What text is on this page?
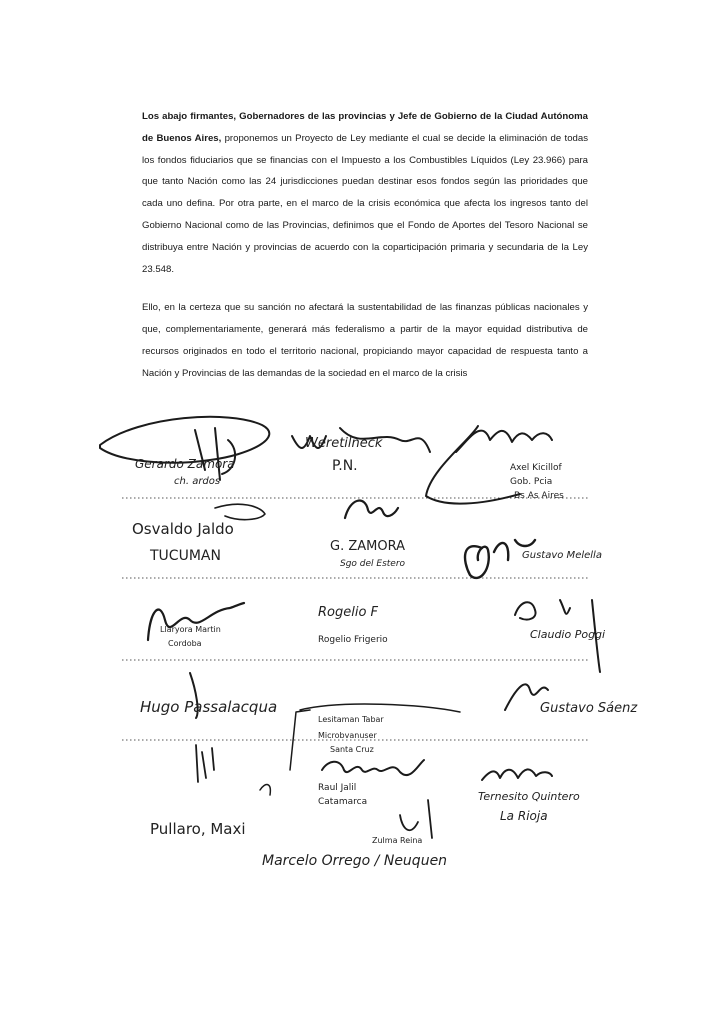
Los abajo firmantes, Gobernadores de las provincias y Jefe de Gobierno de la Ciudad Autónoma de Buenos Aires, proponemos un Proyecto de Ley mediante el cual se decide la eliminación de todas los fondos fiduciarios que se financias con el Impuesto a los Combustibles Líquidos (Ley 23.966) para que tanto Nación como las 24 jurisdicciones puedan destinar esos fondos según las prioridades que cada uno defina. Por otra parte, en el marco de la crisis económica que afecta los ingresos tanto del Gobierno Nacional como de las Provincias, definimos que el Fondo de Aportes del Tesoro Nacional se distribuya entre Nación y provincias de acuerdo con la coparticipación primaria y secundaria de la Ley 23.548.

Ello, en la certeza que su sanción no afectará la sustentabilidad de las finanzas públicas nacionales y que, complementariamente, generará más federalismo a partir de la mayor equidad distributiva de recursos originados en todo el territorio nacional, propiciando mayor capacidad de respuesta tanto a Nación y Provincias de las demandas de la sociedad en el marco de la crisis

Gerardo Zamora
ch. ardos
Weretilneck
P.N.	Axel Kicillof
Gob. Pcia
Bs As Aires
Osvaldo Jaldo
TUCUMAN
G. ZAMORA
Sgo del Estero
Gustavo Melella
Llaryora Martin
Cordoba
Rogelio F
Rogelio Frigerio	Claudio Poggi
Hugo Passalacqua
Lesitaman Tabar
Microbvanuser
Santa Cruz
Gustavo Sáenz
Raul Jalil
Catamarca	Ternesito Quintero
La Rioja
Pullaro, Maxi
Zulma Reina
Marcelo Orrego / Neuquen
